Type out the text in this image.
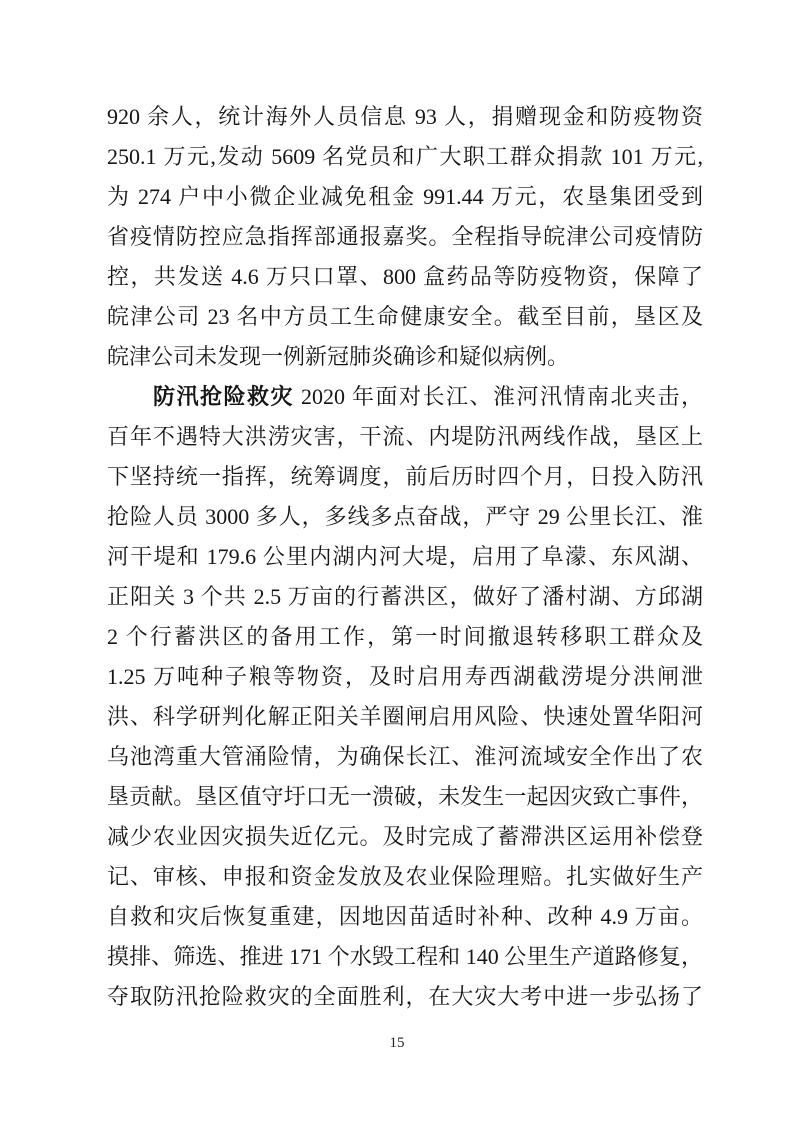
920 余人，统计海外人员信息 93 人，捐赠现金和防疫物资
250.1 万元,发动 5609 名党员和广大职工群众捐款 101 万元,
为 274 户中小微企业减免租金 991.44 万元，农垦集团受到
省疫情防控应急指挥部通报嘉奖。全程指导皖津公司疫情防
控，共发送 4.6 万只口罩、800 盒药品等防疫物资，保障了
皖津公司 23 名中方员工生命健康安全。截至目前，垦区及
皖津公司未发现一例新冠肺炎确诊和疑似病例。
防汛抢险救灾 2020 年面对长江、淮河汛情南北夹击，
百年不遇特大洪涝灾害，干流、内堤防汛两线作战，垦区上
下坚持统一指挥，统筹调度，前后历时四个月，日投入防汛
抢险人员 3000 多人，多线多点奋战，严守 29 公里长江、淮
河干堤和 179.6 公里内湖内河大堤，启用了阜濛、东风湖、
正阳关 3 个共 2.5 万亩的行蓄洪区，做好了潘村湖、方邱湖
2 个行蓄洪区的备用工作，第一时间撤退转移职工群众及
1.25 万吨种子粮等物资，及时启用寿西湖截涝堤分洪闸泄
洪、科学研判化解正阳关羊圈闸启用风险、快速处置华阳河
乌池湾重大管涌险情，为确保长江、淮河流域安全作出了农
垦贡献。垦区值守圩口无一溃破，未发生一起因灾致亡事件，
减少农业因灾损失近亿元。及时完成了蓄滞洪区运用补偿登
记、审核、申报和资金发放及农业保险理赔。扎实做好生产
自救和灾后恢复重建，因地因苗适时补种、改种 4.9 万亩。
摸排、筛选、推进 171 个水毁工程和 140 公里生产道路修复，
夺取防汛抢险救灾的全面胜利，在大灾大考中进一步弘扬了
15
